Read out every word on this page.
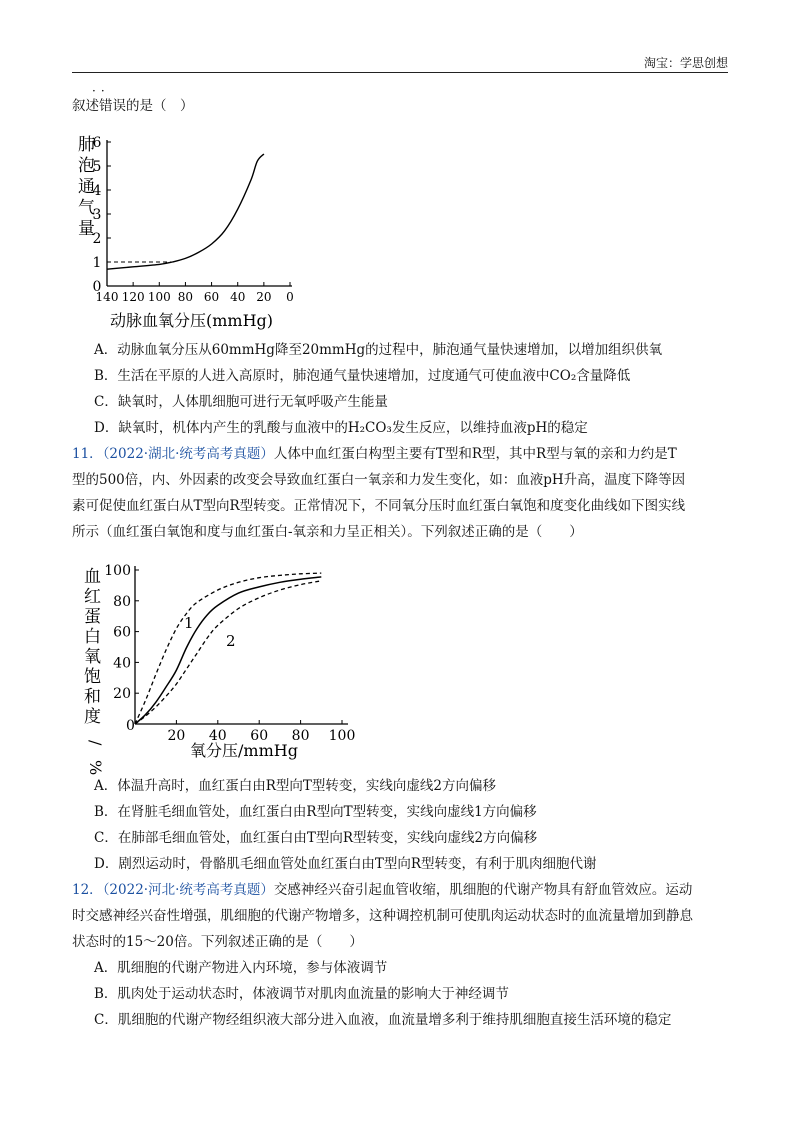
淘宝：学思创想
··
叙述错误的是（　）
肺
泡
通
气
量
0
1
2
3
4
5
6
140 120 100 80 60 40 20 0
动脉血氧分压(mmHg)
A．动脉血氧分压从60mmHg降至20mmHg的过程中，肺泡通气量快速增加，以增加组织供氧
B．生活在平原的人进入高原时，肺泡通气量快速增加，过度通气可使血液中CO₂含量降低
C．缺氧时，人体肌细胞可进行无氧呼吸产生能量
D．缺氧时，机体内产生的乳酸与血液中的H₂CO₃发生反应，以维持血液pH的稳定
11．（2022·湖北·统考高考真题）人体中血红蛋白构型主要有T型和R型，其中R型与氧的亲和力约是T
型的500倍，内、外因素的改变会导致血红蛋白一氧亲和力发生变化，如：血液pH升高，温度下降等因
素可促使血红蛋白从T型向R型转变。正常情况下，不同氧分压时血红蛋白氧饱和度变化曲线如下图实线
所示（血红蛋白氧饱和度与血红蛋白-氧亲和力呈正相关）。下列叙述正确的是（　　）
血
红
蛋
白
氧
饱
和
度
/
%
20
40
60
80
100
20 40 60 80 100
1
2
0
氧分压/mmHg
A．体温升高时，血红蛋白由R型向T型转变，实线向虚线2方向偏移
B．在肾脏毛细血管处，血红蛋白由R型向T型转变，实线向虚线1方向偏移
C．在肺部毛细血管处，血红蛋白由T型向R型转变，实线向虚线2方向偏移
D．剧烈运动时，骨骼肌毛细血管处血红蛋白由T型向R型转变，有利于肌肉细胞代谢
12．（2022·河北·统考高考真题）交感神经兴奋引起血管收缩，肌细胞的代谢产物具有舒血管效应。运动
时交感神经兴奋性增强，肌细胞的代谢产物增多，这种调控机制可使肌肉运动状态时的血流量增加到静息
状态时的15～20倍。下列叙述正确的是（　　）
A．肌细胞的代谢产物进入内环境，参与体液调节
B．肌肉处于运动状态时，体液调节对肌肉血流量的影响大于神经调节
C．肌细胞的代谢产物经组织液大部分进入血液，血流量增多利于维持肌细胞直接生活环境的稳定
